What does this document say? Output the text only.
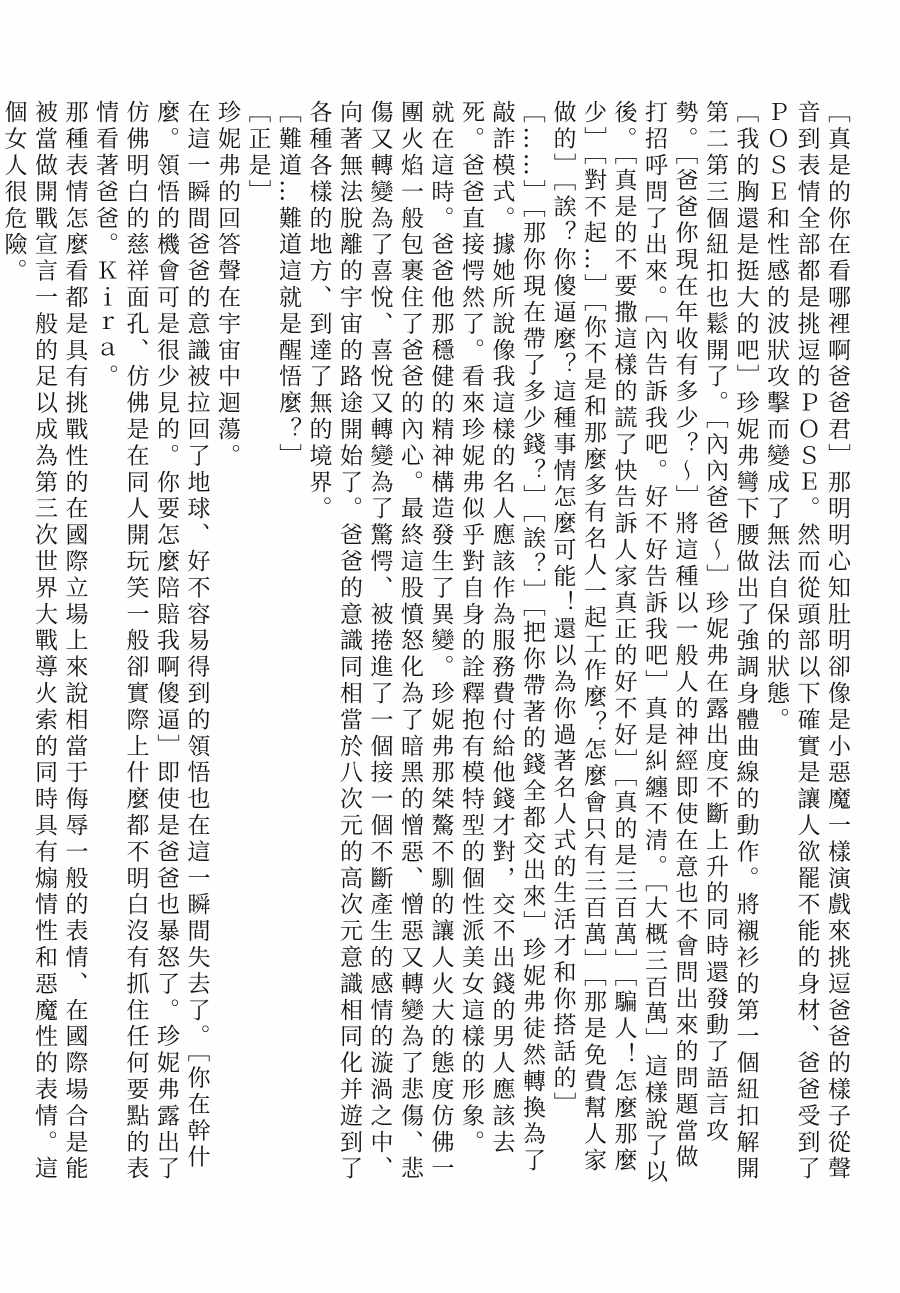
［真是的你在看哪裡啊爸爸君］那明明心知肚明卻像是小惡魔一樣演戲來挑逗爸爸的樣子從聲音到表情全部都是挑逗的ＰＯＳＥ。然而從頭部以下確實是讓人欲罷不能的身材、爸爸受到了ＰＯＳＥ和性感的波狀攻擊而變成了無法自保的狀態。

［我的胸還是挺大的吧］珍妮弗彎下腰做出了強調身體曲線的動作。將襯衫的第一個紐扣解開第二第三個紐扣也鬆開了。［內內爸爸～］珍妮弗在露出度不斷上升的同時還發動了語言攻勢。［爸爸你現在年收有多少？～］將這種以一般人的神經即使在意也不會問出來的問題當做打招呼問了出來。［內告訴我吧。好不好告訴我吧］真是糾纏不清。［大概三百萬］這樣說了以後。［真是的不要撒這樣的謊了快告訴人家真正的好不好］［真的是三百萬］［騙人！怎麼那麼少］［對不起…］［你不是和那麼多有名人一起工作麼？怎麼會只有三百萬］［那是免費幫人家做的］［誒？你傻逼麼？這種事情怎麼可能！還以為你過著名人式的生活才和你搭話的］［……］［那你現在帶了多少錢？］［誒？］［把你帶著的錢全都交出來］珍妮弗徒然轉換為了敲詐模式。據她所說像我這樣的名人應該作為服務費付給他錢才對，交不出錢的男人應該去死。爸爸直接愕然了。看來珍妮弗似乎對自身的詮釋抱有模特型的個性派美女這樣的形象。

就在這時。爸爸他那穩健的精神構造發生了異變。珍妮弗那桀驁不馴的讓人火大的態度仿佛一團火焰一般包裹住了爸爸的內心。最終這股憤怒化為了暗黑的憎惡、憎惡又轉變為了悲傷、悲傷又轉變為了喜悅、喜悅又轉變為了驚愕、被捲進了一個接一個不斷產生的感情的漩渦之中、向著無法脫離的宇宙的路途開始了。爸爸的意識同相當於八次元的高次元意識相同化并遊到了各種各樣的地方、到達了無的境界。

［難道…難道這就是醒悟麼？］

［正是］

珍妮弗的回答聲在宇宙中迴蕩。

在這一瞬間爸爸的意識被拉回了地球、好不容易得到的領悟也在這一瞬間失去了。［你在幹什麼。領悟的機會可是很少見的。你要怎麼陪賠我啊傻逼］即使是爸爸也暴怒了。珍妮弗露出了仿佛明白的慈祥面孔、仿佛是在同人開玩笑一般卻實際上什麼都不明白沒有抓住任何要點的表情看著爸爸。Ｋｉｒａ。

那種表情怎麼看都是具有挑戰性的在國際立場上來說相當于侮辱一般的表情、在國際場合是能被當做開戰宣言一般的足以成為第三次世界大戰導火索的同時具有煽情性和惡魔性的表情。這個女人很危險。
